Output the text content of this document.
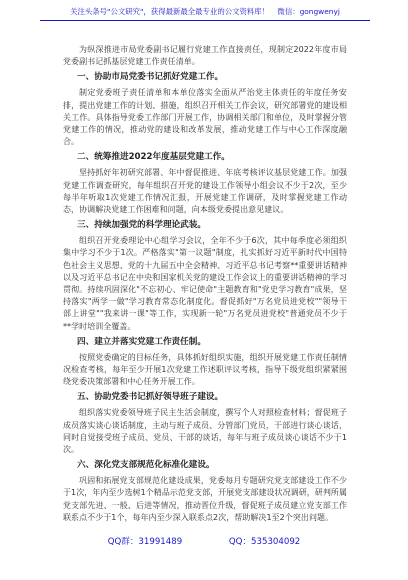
关注头条号"公文研究"，获得最新最全最专业的公文资料库！ 微信：gongwenyj

为纵深推进市局党委副书记履行党建工作直接责任，现制定2022年度市局党委副书记抓基层党建工作责任清单。

一、协助市局党委书记抓好党建工作。

制定党委班子责任清单和本单位落实全面从严治党主体责任的年度任务安排，提出党建工作的计划、措施，组织召开相关工作会议，研究部署党的建设相关工作。具体指导党委工作部门开展工作，协调相关部门和单位，及时掌握分管党建工作的情况，推动党的建设和改革发展，推动党建工作与中心工作深度融合。

二、统筹推进2022年度基层党建工作。

坚持抓好年初研究部署、年中督促推进、年底考核评议基层党建工作。加强党建工作调查研究，每年组织召开党的建设工作领导小组会议不少于2次，至少每半年听取1次党建工作情况汇报，开展党建工作调研，及时掌握党建工作动态，协调解决党建工作困难和问题，向本级党委提出意见建议。

三、持续加强党的科学理论武装。

组织召开党委理论中心组学习会议，全年不少于6次，其中每季度必须组织集中学习不少于1次。严格落实"第一议题"制度，扎实抓好习近平新时代中国特色社会主义思想、党的十九届五中全会精神、习近平总书记考察**重要讲话精神以及习近平总书记在中央和国家机关党的建设工作会议上的重要讲话精神的学习贯彻。持续巩固深化"不忘初心、牢记使命"主题教育和"党史学习教育"成果，坚持落实"两学一做"学习教育常态化制度化。督促抓好"万名党员进党校""领导干部上讲堂""我来讲一课"等工作，实现新一轮"万名党员进党校"普通党员不少于**学时培训全覆盖。

四、建立并落实党建工作责任制。

按照党委确定的目标任务，具体抓好组织实施，组织开展党建工作责任制情况检查考核，每年至少开展1次党建工作述职评议考核，指导下级党组织紧紧围绕党委决策部署和中心任务开展工作。

五、协助党委书记抓好领导班子建设。

组织落实党委领导班子民主生活会制度，撰写个人对照检查材料；督促班子成员落实谈心谈话制度，主动与班子成员、分管部门党员，干部进行谈心谈话，同时自觉接受班子成员、党员、干部的谈话，每年与班子成员谈心谈话不少于1次。

六、深化党支部规范化标准化建设。

巩固和拓展党支部规范化建设成果，党委每月专题研究党支部建设工作不少于1次，年内至少选树1个精品示范党支部，开展党支部建设状况调研，研判所属党支部先进、一般、后进等情况，推动晋位升级，督促班子成员建立党支部工作联系点不少于1个，每年内至少深入联系点2次，帮助解决1至2个突出问题。

QQ群：31991489	QQ：535304092
